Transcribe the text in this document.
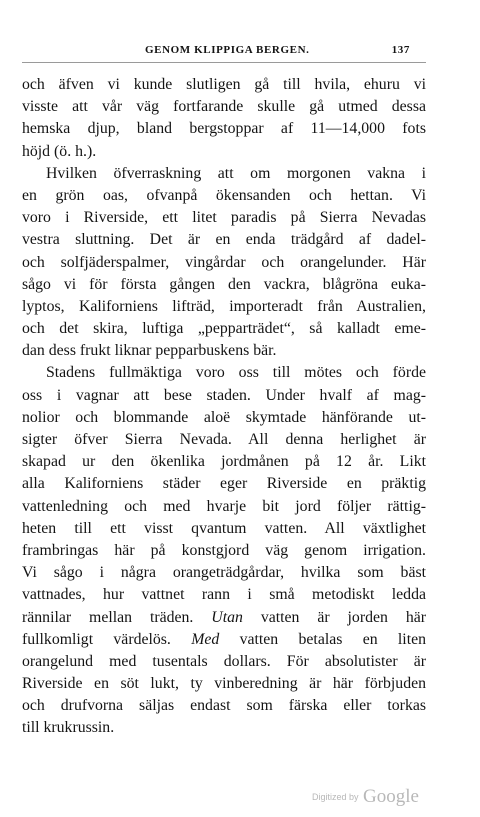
GENOM KLIPPIGA BERGEN.	137
och äfven vi kunde slutligen gå till hvila, ehuru vi
visste att vår väg fortfarande skulle gå utmed dessa
hemska djup, bland bergstoppar af 11—14,000 fots
höjd (ö. h.).
Hvilken öfverraskning att om morgonen vakna i
en grön oas, ofvanpå ökensanden och hettan. Vi
voro i Riverside, ett litet paradis på Sierra Nevadas
vestra sluttning. Det är en enda trädgård af dadel-
och solfjäderspalmer, vingårdar och orangelunder. Här
sågo vi för första gången den vackra, blågröna euka-
lyptos, Kaliforniens lifträd, importeradt från Australien,
och det skira, luftiga „pepparträdet“, så kalladt eme-
dan dess frukt liknar pepparbuskens bär.
Stadens fullmäktiga voro oss till mötes och förde
oss i vagnar att bese staden. Under hvalf af mag-
nolior och blommande aloë skymtade hänförande ut-
sigter öfver Sierra Nevada. All denna herlighet är
skapad ur den ökenlika jordmånen på 12 år. Likt
alla Kaliforniens städer eger Riverside en präktig
vattenledning och med hvarje bit jord följer rättig-
heten till ett visst qvantum vatten. All växtlighet
frambringas här på konstgjord väg genom irrigation.
Vi sågo i några orangeträdgårdar, hvilka som bäst
vattnades, hur vattnet rann i små metodiskt ledda
rännilar mellan träden. Utan vatten är jorden här
fullkomligt värdelös. Med vatten betalas en liten
orangelund med tusentals dollars. För absolutister är
Riverside en söt lukt, ty vinberedning är här förbjuden
och drufvorna säljas endast som färska eller torkas
till krukrussin.
Digitized by Google
